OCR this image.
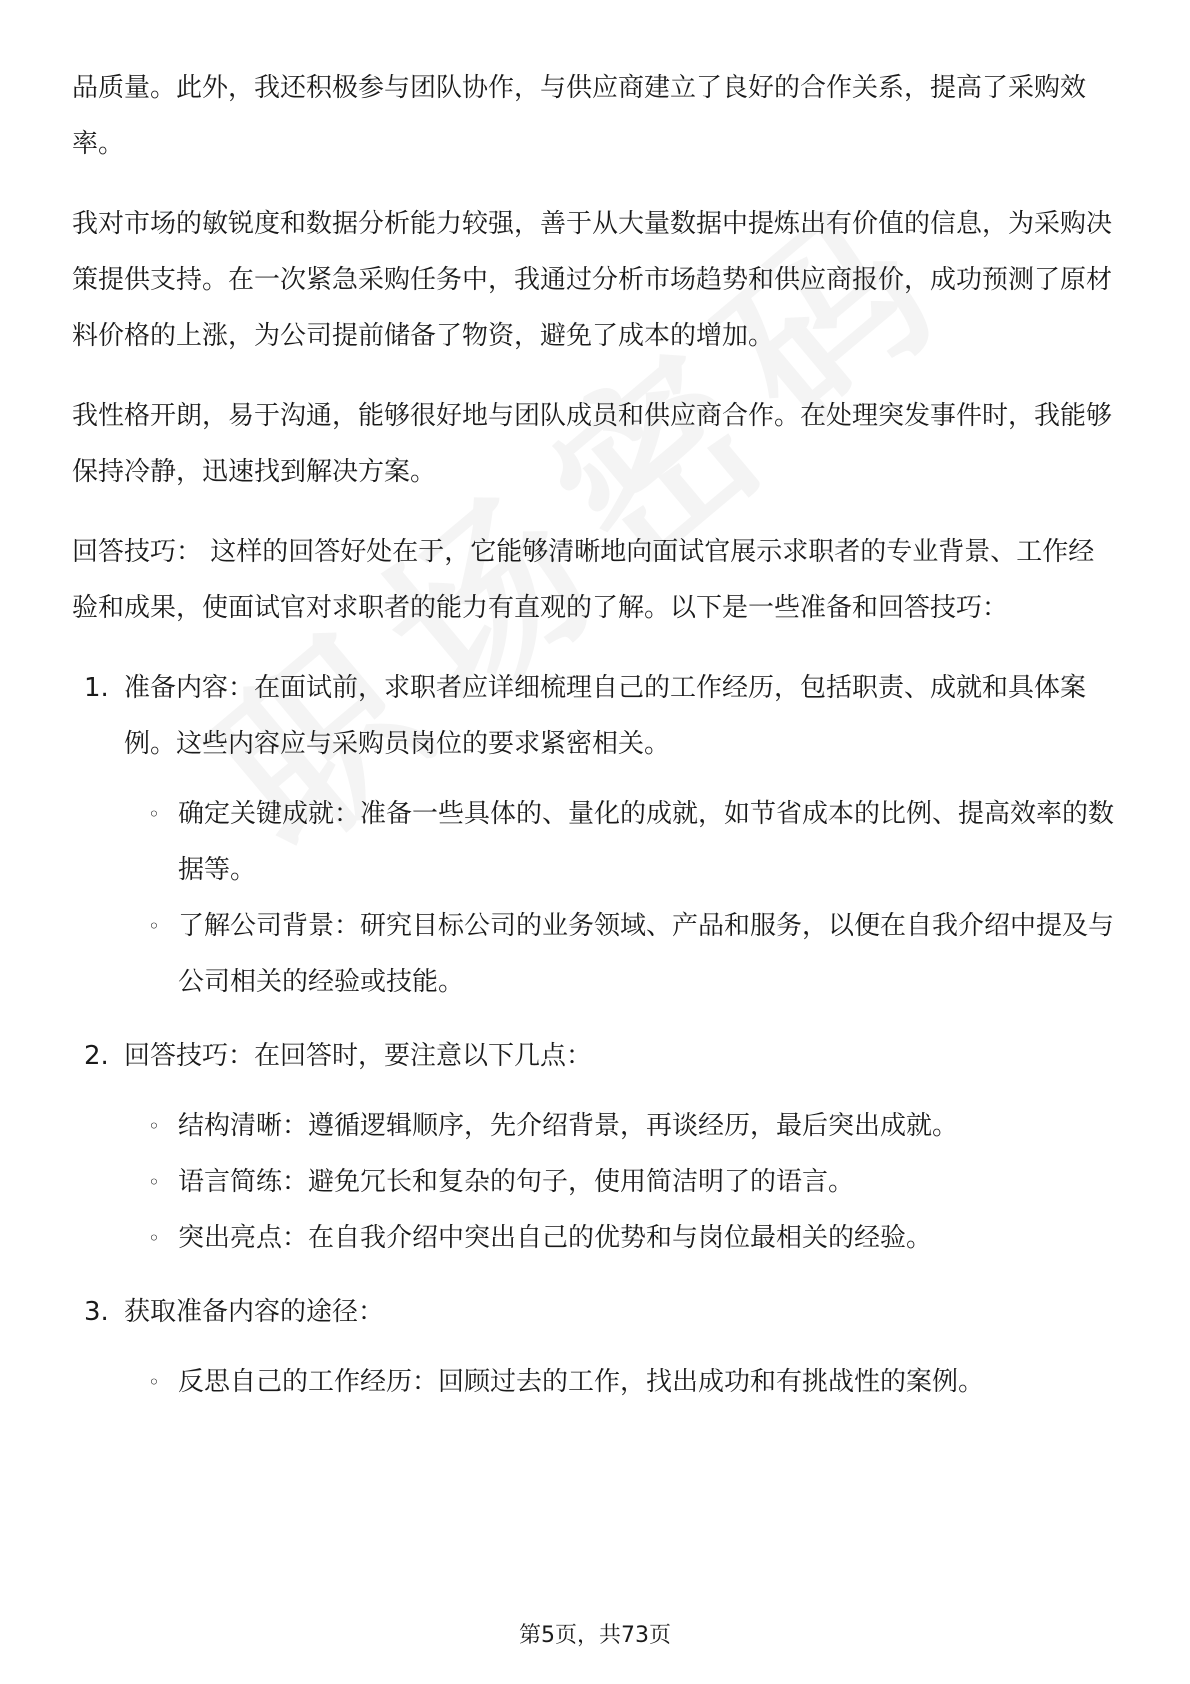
品质量。此外，我还积极参与团队协作，与供应商建立了良好的合作关系，提高了采购效率。

我对市场的敏锐度和数据分析能力较强，善于从大量数据中提炼出有价值的信息，为采购决策提供支持。在一次紧急采购任务中，我通过分析市场趋势和供应商报价，成功预测了原材料价格的上涨，为公司提前储备了物资，避免了成本的增加。

我性格开朗，易于沟通，能够很好地与团队成员和供应商合作。在处理突发事件时，我能够保持冷静，迅速找到解决方案。

回答技巧： 这样的回答好处在于，它能够清晰地向面试官展示求职者的专业背景、工作经验和成果，使面试官对求职者的能力有直观的了解。以下是一些准备和回答技巧：

1. 准备内容：在面试前，求职者应详细梳理自己的工作经历，包括职责、成就和具体案例。这些内容应与采购员岗位的要求紧密相关。
◦ 确定关键成就：准备一些具体的、量化的成就，如节省成本的比例、提高效率的数据等。
◦ 了解公司背景：研究目标公司的业务领域、产品和服务，以便在自我介绍中提及与公司相关的经验或技能。
2. 回答技巧：在回答时，要注意以下几点：
◦ 结构清晰：遵循逻辑顺序，先介绍背景，再谈经历，最后突出成就。
◦ 语言简练：避免冗长和复杂的句子，使用简洁明了的语言。
◦ 突出亮点：在自我介绍中突出自己的优势和与岗位最相关的经验。
3. 获取准备内容的途径：
◦ 反思自己的工作经历：回顾过去的工作，找出成功和有挑战性的案例。
第5页，共73页
